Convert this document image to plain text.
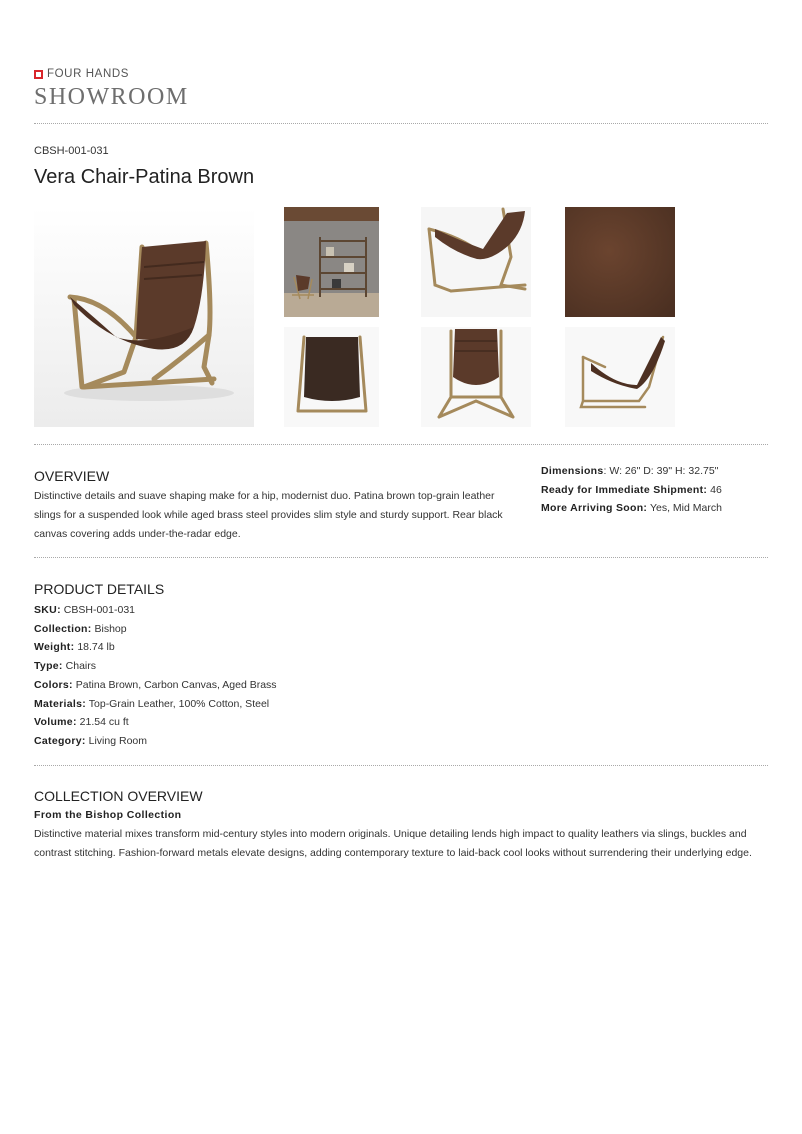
FOUR HANDS
SHOWROOM
CBSH-001-031
Vera Chair-Patina Brown
OVERVIEW

Distinctive details and suave shaping make for a hip, modernist duo. Patina brown top-grain leather slings for a suspended look while aged brass steel provides slim style and sturdy support. Rear black canvas covering adds under-the-radar edge.

Dimensions: W: 26" D: 39" H: 32.75"
Ready for Immediate Shipment: 46
More Arriving Soon: Yes, Mid March
PRODUCT DETAILS
SKU: CBSH-001-031
Collection: Bishop
Weight: 18.74 lb
Type: Chairs
Colors: Patina Brown, Carbon Canvas, Aged Brass
Materials: Top-Grain Leather, 100% Cotton, Steel
Volume: 21.54 cu ft
Category: Living Room
COLLECTION OVERVIEW
From the Bishop Collection

Distinctive material mixes transform mid-century styles into modern originals. Unique detailing lends high impact to quality leathers via slings, buckles and contrast stitching. Fashion-forward metals elevate designs, adding contemporary texture to laid-back cool looks without surrendering their underlying edge.
